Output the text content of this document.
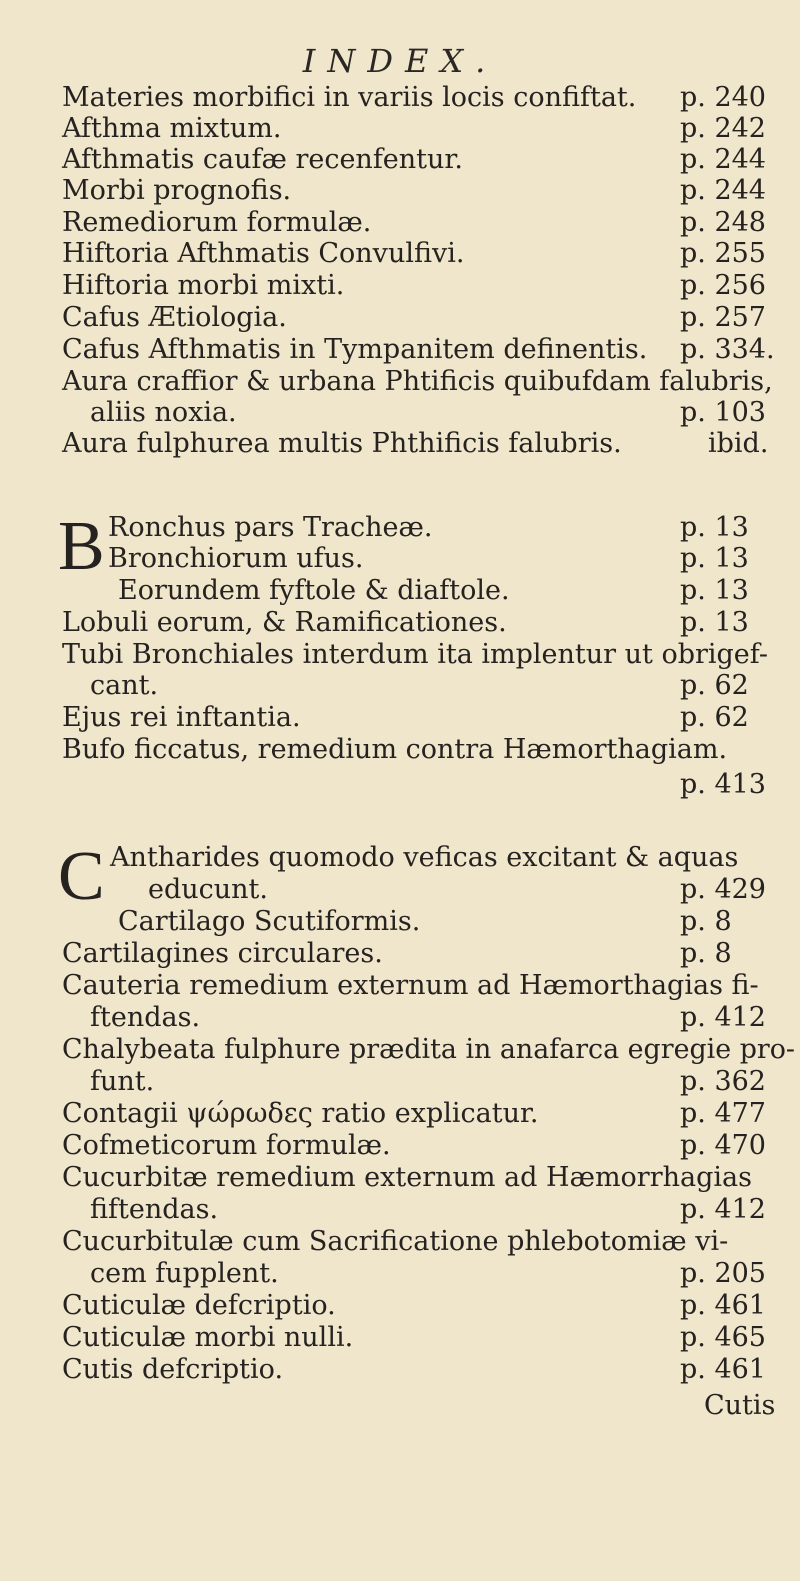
INDEX.
Materies morbifici in variis locis confiftat. p. 240
Afthma mixtum.	p. 242
Afthmatis caufæ recenfentur.	p. 244
Morbi prognofis.	p. 244
Remediorum formulæ.	p. 248
Hiftoria Afthmatis Convulfivi.	p. 255
Hiftoria morbi mixti.	p. 256
Cafus Ætiologia.	p. 257
Cafus Afthmatis in Tympanitem definentis. p. 334.
Aura craffior & urbana Phtificis quibufdam falubris,
aliis noxia.	p. 103
Aura fulphurea multis Phthificis falubris.	ibid.
B Ronchus pars Tracheæ.	p. 13
Bronchiorum ufus.	p. 13
Eorundem fyftole & diaftole.	p. 13
Lobuli eorum, & Ramificationes.	p. 13
Tubi Bronchiales interdum ita implentur ut obrigef-
cant.	p. 62
Ejus rei inftantia.	p. 62
Bufo ficcatus, remedium contra Hæmorthagiam.
p. 413
C Antharides quomodo veficas excitant & aquas
educunt.	p. 429
Cartilago Scutiformis.	p. 8
Cartilagines circulares.	p. 8
Cauteria remedium externum ad Hæmorthagias fi-
ftendas.	p. 412
Chalybeata fulphure prædita in anafarca egregie pro-
funt.	p. 362
Contagii ψώρωδες ratio explicatur.	p. 477
Cofmeticorum formulæ.	p. 470
Cucurbitæ remedium externum ad Hæmorrhagias
fiftendas.	p. 412
Cucurbitulæ cum Sacrificatione phlebotomiæ vi-
cem fupplent.	p. 205
Cuticulæ defcriptio.	p. 461
Cuticulæ morbi nulli.	p. 465
Cutis defcriptio.	p. 461
Cutis
